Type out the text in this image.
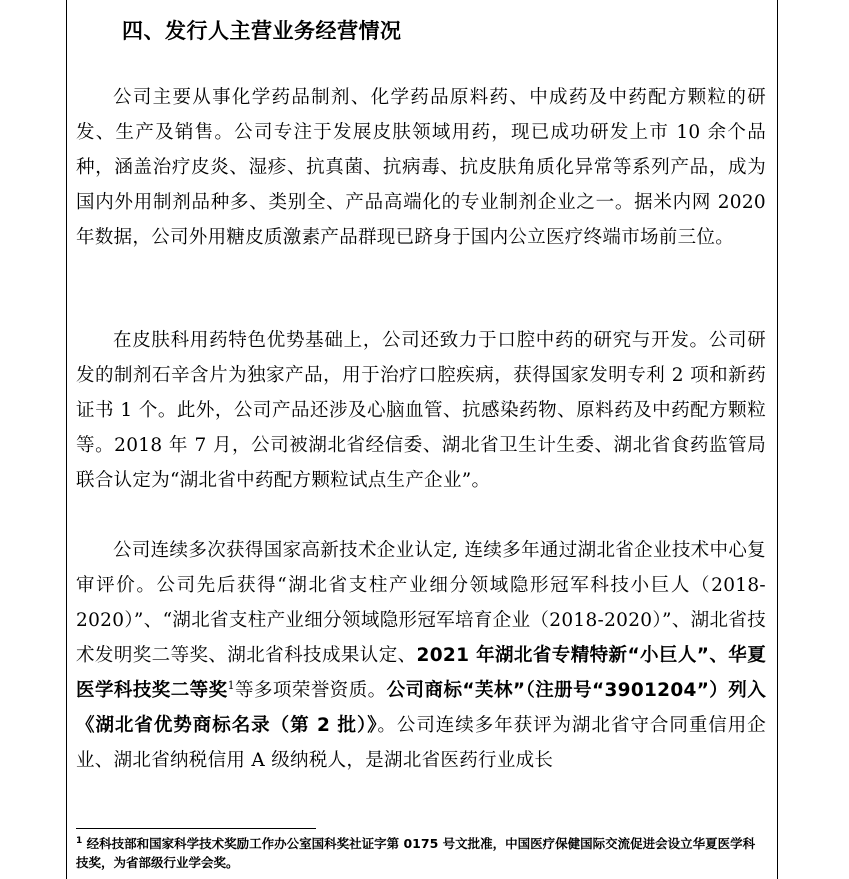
四、发行人主营业务经营情况

公司主要从事化学药品制剂、化学药品原料药、中成药及中药配方颗粒的研发、生产及销售。公司专注于发展皮肤领域用药，现已成功研发上市 10 余个品种，涵盖治疗皮炎、湿疹、抗真菌、抗病毒、抗皮肤角质化异常等系列产品，成为国内外用制剂品种多、类别全、产品高端化的专业制剂企业之一。据米内网 2020 年数据，公司外用糖皮质激素产品群现已跻身于国内公立医疗终端市场前三位。

在皮肤科用药特色优势基础上，公司还致力于口腔中药的研究与开发。公司研发的制剂石辛含片为独家产品，用于治疗口腔疾病，获得国家发明专利 2 项和新药证书 1 个。此外，公司产品还涉及心脑血管、抗感染药物、原料药及中药配方颗粒等。2018 年 7 月，公司被湖北省经信委、湖北省卫生计生委、湖北省食药监管局联合认定为“湖北省中药配方颗粒试点生产企业”。

公司连续多次获得国家高新技术企业认定, 连续多年通过湖北省企业技术中心复审评价。公司先后获得“湖北省支柱产业细分领域隐形冠军科技小巨人（2018-2020）”、“湖北省支柱产业细分领域隐形冠军培育企业（2018-2020）”、湖北省技术发明奖二等奖、湖北省科技成果认定、2021 年湖北省专精特新“小巨人”、华夏医学科技奖二等奖$^1$等多项荣誉资质。公司商标“芙林”（注册号“3901204”）列入《湖北省优势商标名录（第 2 批）》。公司连续多年获评为湖北省守合同重信用企业、湖北省纳税信用 A 级纳税人，是湖北省医药行业成长

$^1$ 经科技部和国家科学技术奖励工作办公室国科奖社证字第 0175 号文批准，中国医疗保健国际交流促进会设立华夏医学科技奖，为省部级行业学会奖。
